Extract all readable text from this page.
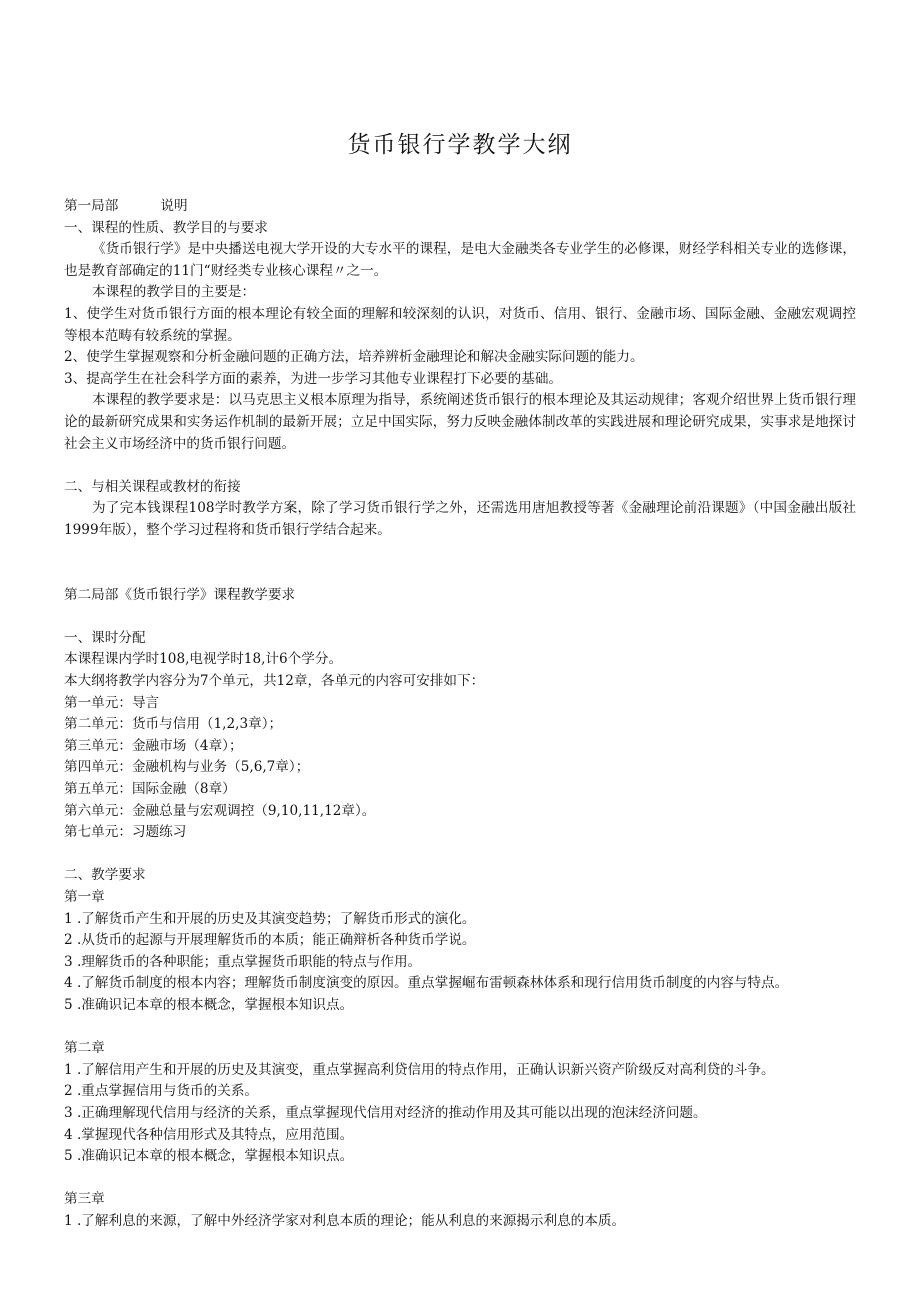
货币银行学教学大纲

第一局部	说明

一、课程的性质、教学目的与要求

《货币银行学》是中央播送电视大学开设的大专水平的课程，是电大金融类各专业学生的必修课，财经学科相关专业的选修课，也是教育部确定的11门“财经类专业核心课程〃之一。

本课程的教学目的主要是：

1、使学生对货币银行方面的根本理论有较全面的理解和较深刻的认识，对货币、信用、银行、金融市场、国际金融、金融宏观调控等根本范畴有较系统的掌握。

2、使学生掌握观察和分析金融问题的正确方法，培养辨析金融理论和解决金融实际问题的能力。

3、提高学生在社会科学方面的素养，为进一步学习其他专业课程打下必要的基础。

本课程的教学要求是：以马克思主义根本原理为指导，系统阐述货币银行的根本理论及其运动规律；客观介绍世界上货币银行理论的最新研究成果和实务运作机制的最新开展；立足中国实际，努力反映金融体制改革的实践进展和理论研究成果，实事求是地探讨社会主义市场经济中的货币银行问题。

二、与相关课程或教材的衔接

为了完本钱课程108学时教学方案，除了学习货币银行学之外，还需选用唐旭教授等著《金融理论前沿课题》（中国金融出版社1999年版），整个学习过程将和货币银行学结合起来。

第二局部《货币银行学》课程教学要求

一、课时分配

本课程课内学时108,电视学时18,计6个学分。

本大纲将教学内容分为7个单元，共12章，各单元的内容可安排如下：

第一单元：导言

第二单元：货币与信用（1,2,3章）；

第三单元：金融市场（4章）；

第四单元：金融机构与业务（5,6,7章）；

第五单元：国际金融（8章）

第六单元：金融总量与宏观调控（9,10,11,12章）。

第七单元：习题练习

二、教学要求

第一章

1 .了解货币产生和开展的历史及其演变趋势；了解货币形式的演化。

2 .从货币的起源与开展理解货币的本质；能正确辩析各种货币学说。

3 .理解货币的各种职能；重点掌握货币职能的特点与作用。

4 .了解货币制度的根本内容；理解货币制度演变的原因。重点掌握崛布雷顿森林体系和现行信用货币制度的内容与特点。

5 .准确识记本章的根本概念，掌握根本知识点。

第二章

1 .了解信用产生和开展的历史及其演变，重点掌握高利贷信用的特点作用，正确认识新兴资产阶级反对高利贷的斗争。

2 .重点掌握信用与货币的关系。

3 .正确理解现代信用与经济的关系，重点掌握现代信用对经济的推动作用及其可能以出现的泡沫经济问题。

4 .掌握现代各种信用形式及其特点，应用范围。

5 .准确识记本章的根本概念，掌握根本知识点。

第三章

1 .了解利息的来源，了解中外经济学家对利息本质的理论；能从利息的来源揭示利息的本质。
